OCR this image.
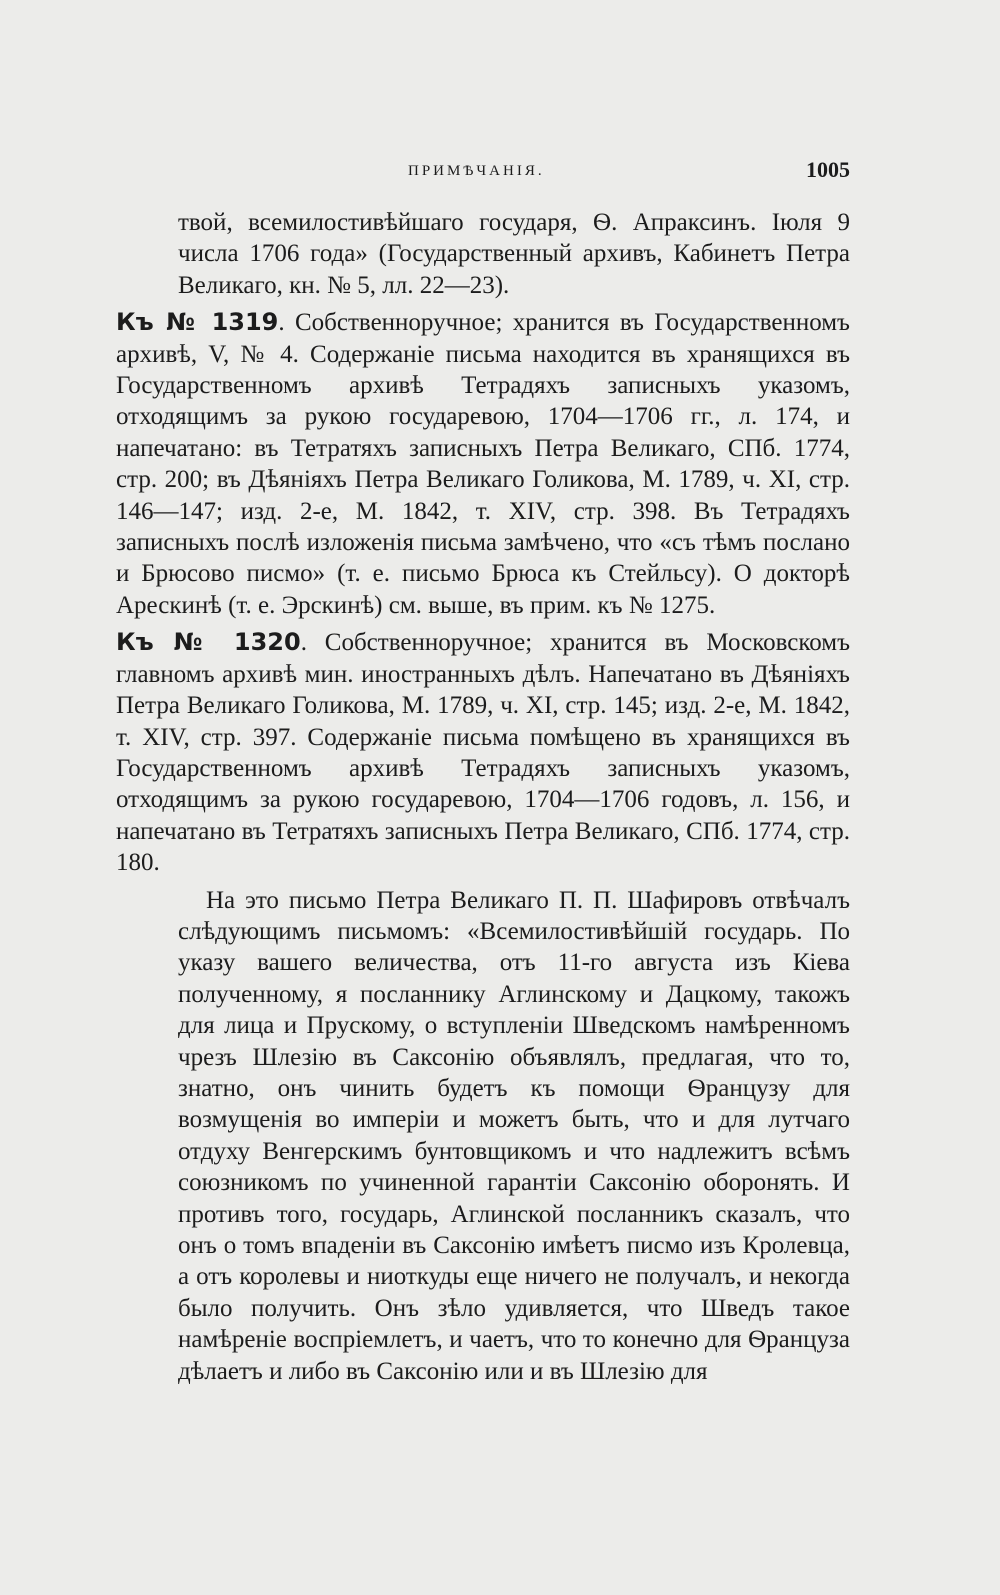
ПРИМѢЧАНІЯ.	1005

твой, всемилостивѣйшаго государя, Ѳ. Апраксинъ. Іюля 9 числа 1706 года» (Государственный архивъ, Кабинетъ Петра Великаго, кн. № 5, лл. 22—23).

Къ № 1319. Собственноручное; хранится въ Государственномъ архивѣ, V, № 4. Содержаніе письма находится въ хранящихся въ Государственномъ архивѣ Тетрадяхъ записныхъ указомъ, отходящимъ за рукою государевою, 1704—1706 гг., л. 174, и напечатано: въ Тетратяхъ записныхъ Петра Великаго, СПб. 1774, стр. 200; въ Дѣяніяхъ Петра Великаго Голикова, М. 1789, ч. XI, стр. 146—147; изд. 2-е, М. 1842, т. XIV, стр. 398. Въ Тетрадяхъ записныхъ послѣ изложенія письма замѣчено, что «съ тѣмъ послано и Брюсово писмо» (т. е. письмо Брюса къ Стейльсу). О докторѣ Арескинѣ (т. е. Эрскинѣ) см. выше, въ прим. къ № 1275.

Къ № 1320. Собственноручное; хранится въ Московскомъ главномъ архивѣ мин. иностранныхъ дѣлъ. Напечатано въ Дѣяніяхъ Петра Великаго Голикова, М. 1789, ч. XI, стр. 145; изд. 2-е, М. 1842, т. XIV, стр. 397. Содержаніе письма помѣщено въ хранящихся въ Государственномъ архивѣ Тетрадяхъ записныхъ указомъ, отходящимъ за рукою государевою, 1704—1706 годовъ, л. 156, и напечатано въ Тетратяхъ записныхъ Петра Великаго, СПб. 1774, стр. 180.

На это письмо Петра Великаго П. П. Шафировъ отвѣчалъ слѣдующимъ письмомъ: «Всемилостивѣйшій государь. По указу вашего величества, отъ 11-го августа изъ Кіева полученному, я посланнику Аглинскому и Дацкому, такожъ для лица и Прускому, о вступленіи Шведскомъ намѣренномъ чрезъ Шлезію въ Саксонію объявлялъ, предлагая, что то, знатно, онъ чинить будетъ къ помощи Ѳранцузу для возмущенія во имперіи и можетъ быть, что и для лутчаго отдуху Венгерскимъ бунтовщикомъ и что надлежитъ всѣмъ союзникомъ по учиненной гарантіи Саксонію оборонять. И противъ того, государь, Аглинской посланникъ сказалъ, что онъ о томъ впаденіи въ Саксонію имѣетъ писмо изъ Кролевца, а отъ королевы и ниоткуды еще ничего не получалъ, и некогда было получить. Онъ зѣло удивляется, что Шведъ такое намѣреніе воспріемлетъ, и чаетъ, что то конечно для Ѳранцуза дѣлаетъ и либо въ Саксонію или и въ Шлезію для
